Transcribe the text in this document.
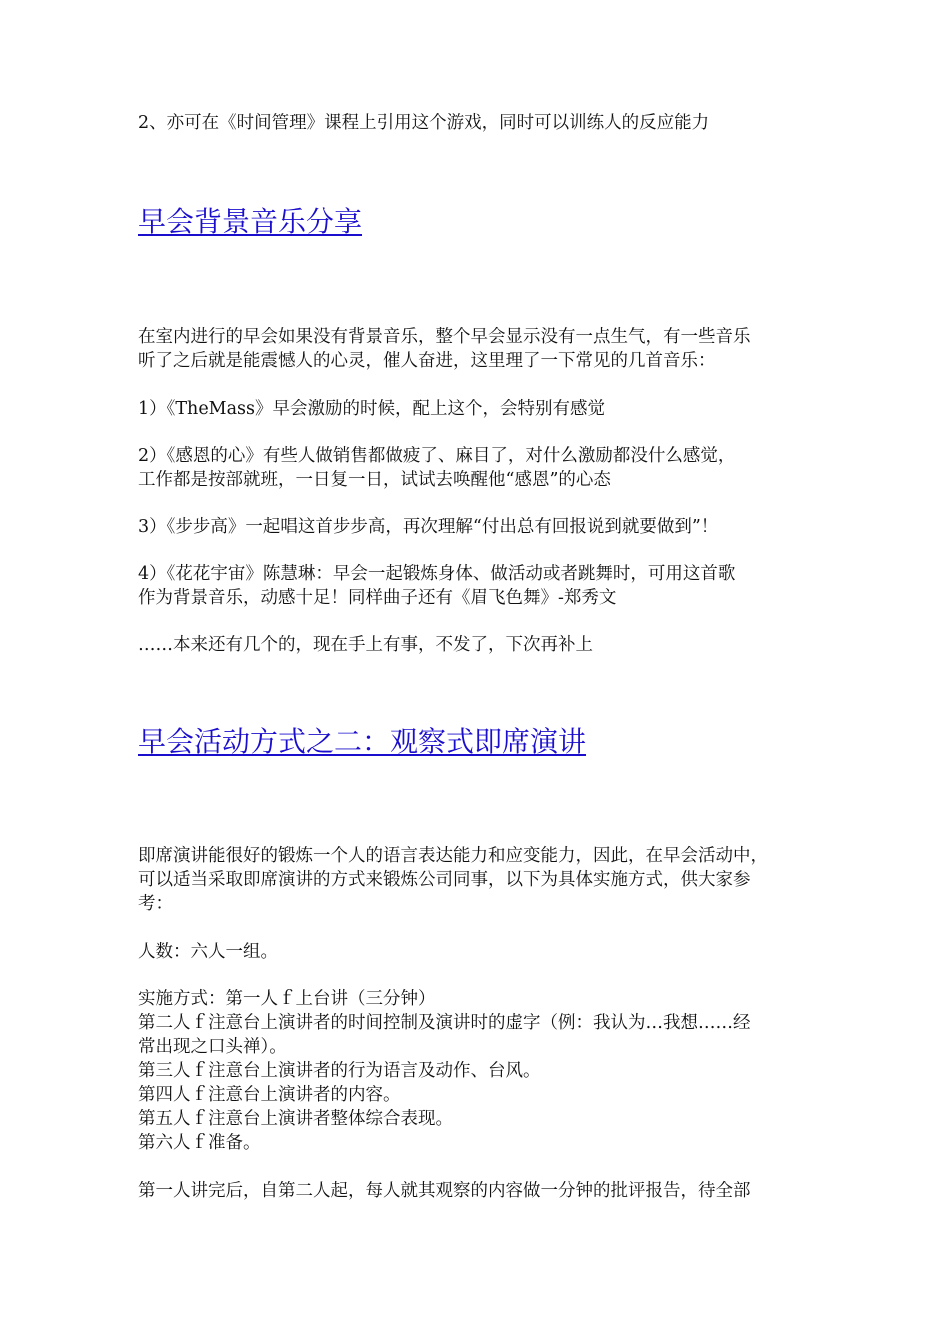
2、亦可在《时间管理》课程上引用这个游戏，同时可以训练人的反应能力
早会背景音乐分享
在室内进行的早会如果没有背景音乐，整个早会显示没有一点生气，有一些音乐
听了之后就是能震憾人的心灵，催人奋进，这里理了一下常见的几首音乐：
1）《TheMass》早会激励的时候，配上这个，会特别有感觉
2）《感恩的心》有些人做销售都做疲了、麻目了，对什么激励都没什么感觉，
工作都是按部就班，一日复一日，试试去唤醒他“感恩”的心态
3）《步步高》一起唱这首步步高，再次理解“付出总有回报说到就要做到”！
4）《花花宇宙》陈慧琳：早会一起锻炼身体、做活动或者跳舞时，可用这首歌
作为背景音乐，动感十足！同样曲子还有《眉飞色舞》-郑秀文
……本来还有几个的，现在手上有事，不发了，下次再补上
早会活动方式之二：观察式即席演讲
即席演讲能很好的锻炼一个人的语言表达能力和应变能力，因此，在早会活动中，
可以适当采取即席演讲的方式来锻炼公司同事，以下为具体实施方式，供大家参
考：
人数：六人一组。
实施方式：第一人ｆ上台讲（三分钟）
第二人ｆ注意台上演讲者的时间控制及演讲时的虚字（例：我认为…我想……经
常出现之口头禅）。
第三人ｆ注意台上演讲者的行为语言及动作、台风。
第四人ｆ注意台上演讲者的内容。
第五人ｆ注意台上演讲者整体综合表现。
第六人ｆ准备。
第一人讲完后，自第二人起，每人就其观察的内容做一分钟的批评报告，待全部
